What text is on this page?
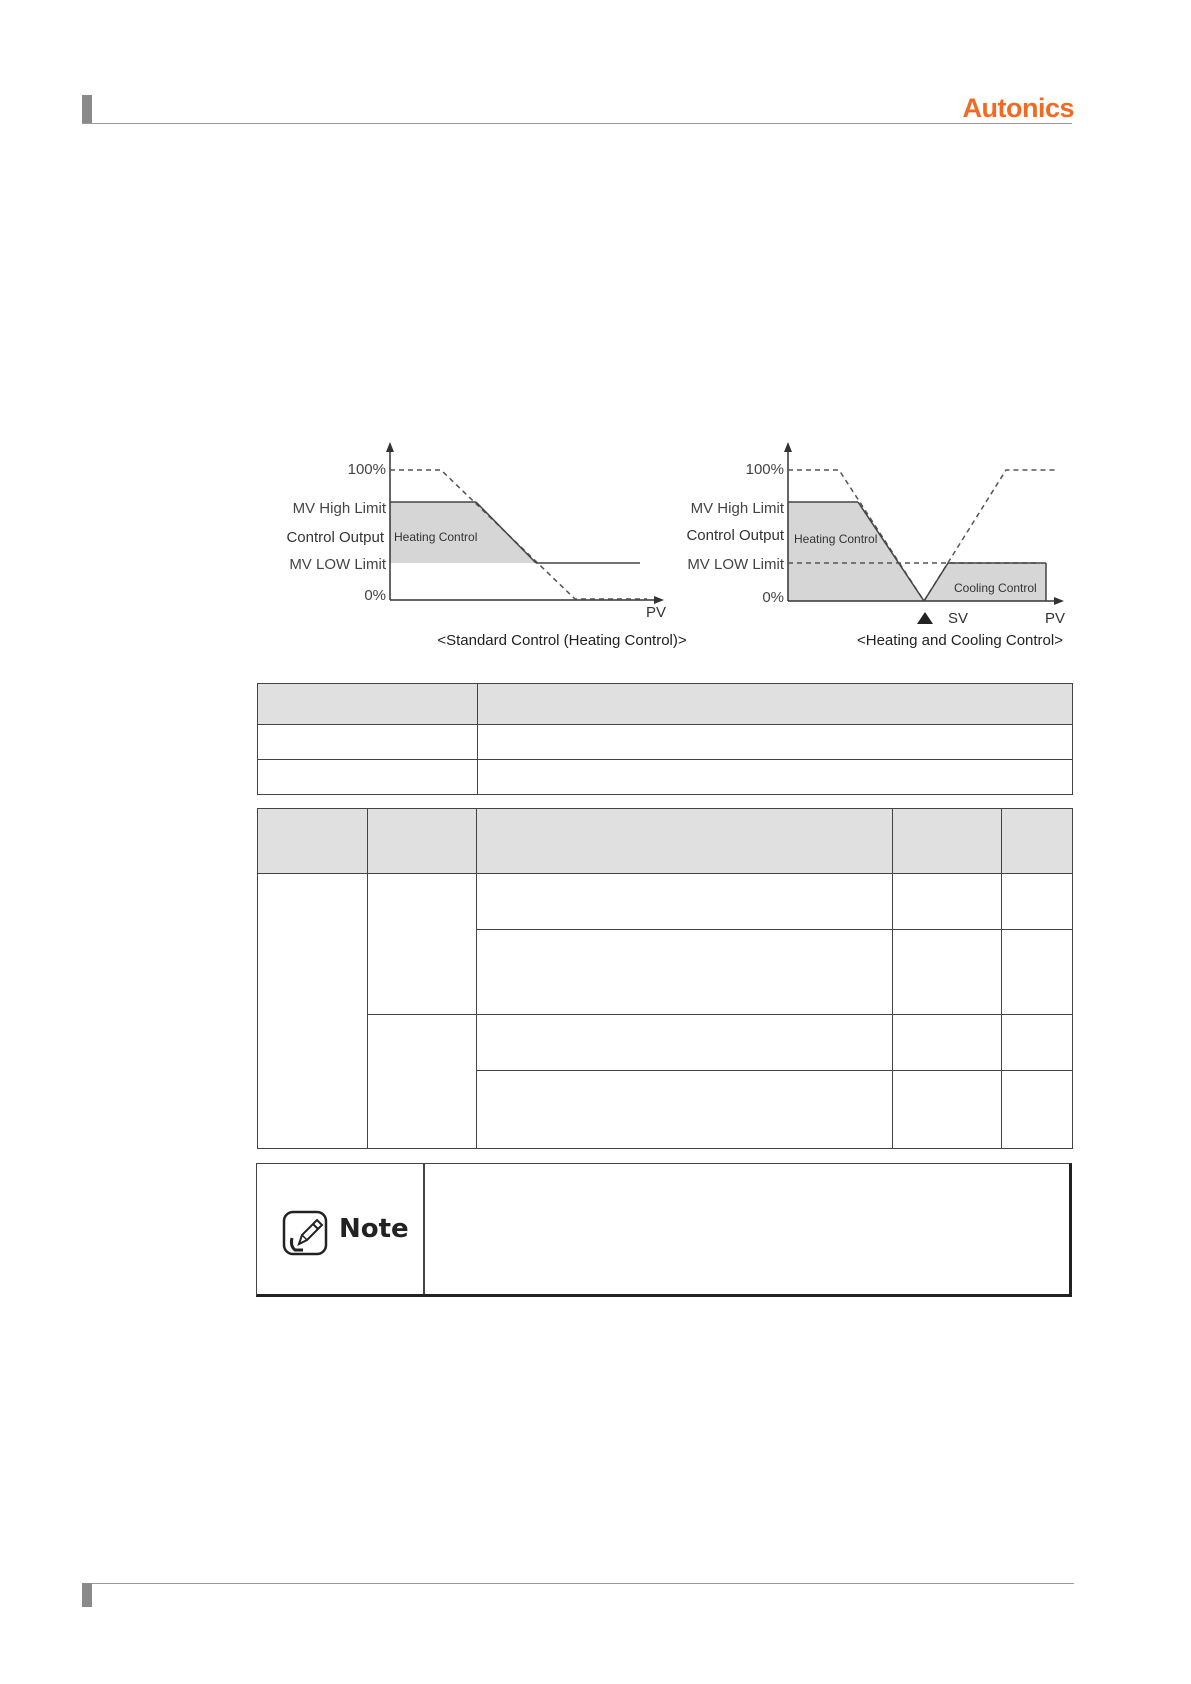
Autonics
100%
MV High Limit
Control Output
MV LOW Limit
0%
Heating Control
PV
<Standard Control (Heating Control)>
100%
MV High Limit
Control Output
MV LOW Limit
0%
Heating Control
Cooling Control
SV	PV
<Heating and Cooling Control>

Note
